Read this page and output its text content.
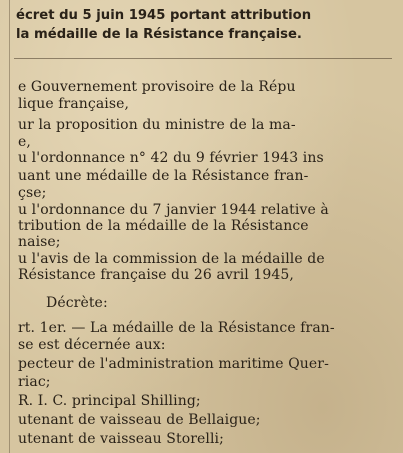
écret du 5 juin 1945 portant attribution
la médaille de la Résistance française.
e Gouvernement provisoire de la Répu
lique française,
ur la proposition du ministre de la ma-
e,
u l'ordonnance n° 42 du 9 février 1943 ins
uant une médaille de la Résistance fran-
çse;
u l'ordonnance du 7 janvier 1944 relative à
tribution de la médaille de la Résistance
naise;
u l'avis de la commission de la médaille de
Résistance française du 26 avril 1945,
Décrète:
rt. 1er. — La médaille de la Résistance fran-
se est décernée aux:
pecteur de l'administration maritime Quer-
riac;
R. I. C. principal Shilling;
utenant de vaisseau de Bellaigue;
utenant de vaisseau Storelli;
